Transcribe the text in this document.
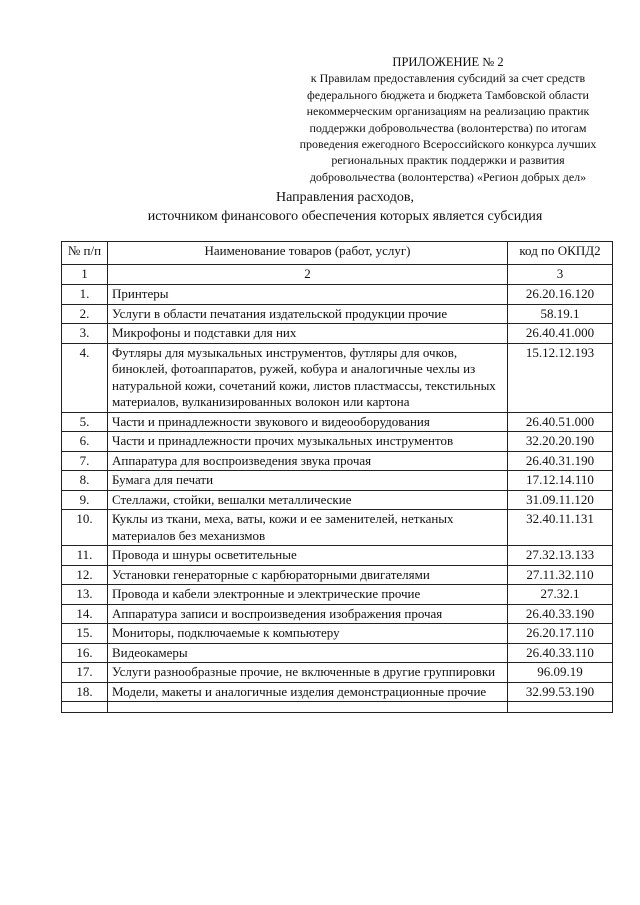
ПРИЛОЖЕНИЕ № 2
к Правилам предоставления субсидий за счет средств
федерального бюджета и бюджета Тамбовской области
некоммерческим организациям на реализацию практик
поддержки добровольчества (волонтерства) по итогам
проведения ежегодного Всероссийского конкурса лучших
региональных практик поддержки и развития
добровольчества (волонтерства) «Регион добрых дел»
Направления расходов,
источником финансового обеспечения которых является субсидия
№ п/п	Наименование товаров (работ, услуг)	код по ОКПД2
1	2	3
1.	Принтеры	26.20.16.120
2.	Услуги в области печатания издательской продукции прочие	58.19.1
3.	Микрофоны и подставки для них	26.40.41.000
4.	Футляры для музыкальных инструментов, футляры для очков, биноклей, фотоаппаратов, ружей, кобура и аналогичные чехлы из натуральной кожи, сочетаний кожи, листов пластмассы, текстильных материалов, вулканизированных волокон или картона	15.12.12.193
5.	Части и принадлежности звукового и видеооборудования	26.40.51.000
6.	Части и принадлежности прочих музыкальных инструментов	32.20.20.190
7.	Аппаратура для воспроизведения звука прочая	26.40.31.190
8.	Бумага для печати	17.12.14.110
9.	Стеллажи, стойки, вешалки металлические	31.09.11.120
10.	Куклы из ткани, меха, ваты, кожи и ее заменителей, нетканых материалов без механизмов	32.40.11.131
11.	Провода и шнуры осветительные	27.32.13.133
12.	Установки генераторные с карбюраторными двигателями	27.11.32.110
13.	Провода и кабели электронные и электрические прочие	27.32.1
14.	Аппаратура записи и воспроизведения изображения прочая	26.40.33.190
15.	Мониторы, подключаемые к компьютеру	26.20.17.110
16.	Видеокамеры	26.40.33.110
17.	Услуги разнообразные прочие, не включенные в другие группировки	96.09.19
18.	Модели, макеты и аналогичные изделия демонстрационные прочие	32.99.53.190
